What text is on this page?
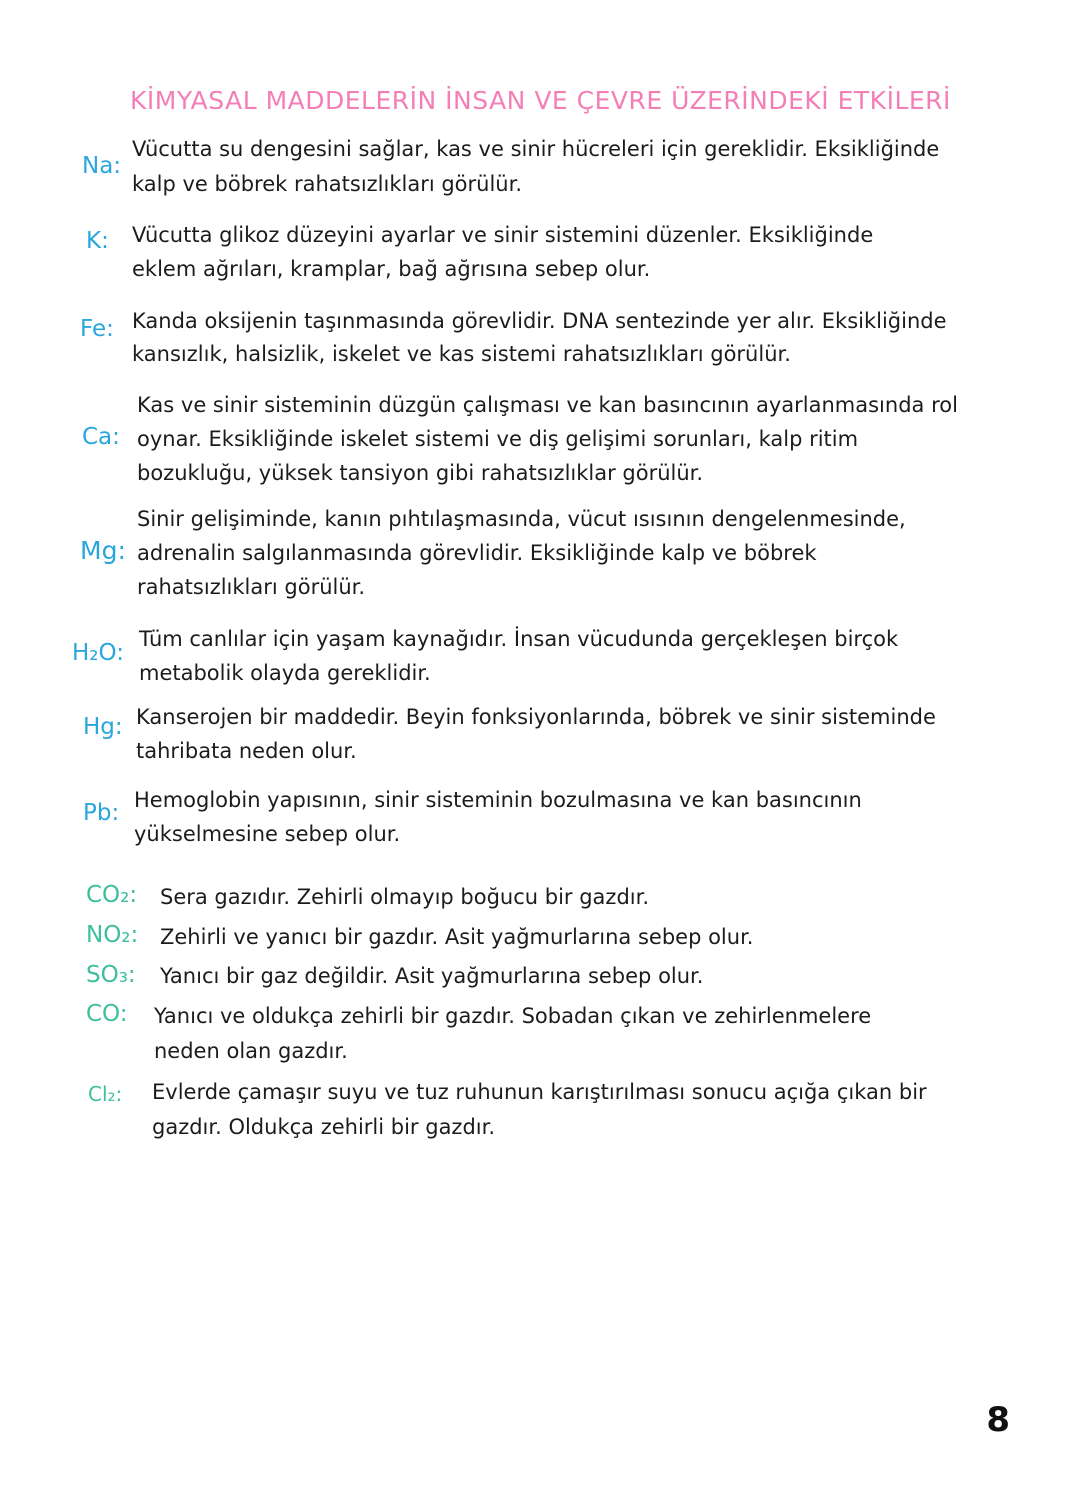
KİMYASAL MADDELERİN İNSAN VE ÇEVRE ÜZERİNDEKİ ETKİLERİ
Na:
Vücutta su dengesini sağlar, kas ve sinir hücreleri için gereklidir. Eksikliğinde
kalp ve böbrek rahatsızlıkları görülür.
K: Vücutta glikoz düzeyini ayarlar ve sinir sistemini düzenler. Eksikliğinde
eklem ağrıları, kramplar, bağ ağrısına sebep olur.
Fe: Kanda oksijenin taşınmasında görevlidir. DNA sentezinde yer alır. Eksikliğinde
kansızlık, halsizlik, iskelet ve kas sistemi rahatsızlıkları görülür.
Ca:
Kas ve sinir sisteminin düzgün çalışması ve kan basıncının ayarlanmasında rol
oynar. Eksikliğinde iskelet sistemi ve diş gelişimi sorunları, kalp ritim
bozukluğu, yüksek tansiyon gibi rahatsızlıklar görülür.
Mg:
Sinir gelişiminde, kanın pıhtılaşmasında, vücut ısısının dengelenmesinde,
adrenalin salgılanmasında görevlidir. Eksikliğinde kalp ve böbrek
rahatsızlıkları görülür.
H₂O:
Tüm canlılar için yaşam kaynağıdır. İnsan vücudunda gerçekleşen birçok
metabolik olayda gereklidir.
Hg: Kanserojen bir maddedir. Beyin fonksiyonlarında, böbrek ve sinir sisteminde
tahribata neden olur.
Pb: Hemoglobin yapısının, sinir sisteminin bozulmasına ve kan basıncının
yükselmesine sebep olur.
CO₂: Sera gazıdır. Zehirli olmayıp boğucu bir gazdır.
NO₂: Zehirli ve yanıcı bir gazdır. Asit yağmurlarına sebep olur.
SO₃: Yanıcı bir gaz değildir. Asit yağmurlarına sebep olur.
CO: Yanıcı ve oldukça zehirli bir gazdır. Sobadan çıkan ve zehirlenmelere
neden olan gazdır.
Cl₂: Evlerde çamaşır suyu ve tuz ruhunun karıştırılması sonucu açığa çıkan bir
gazdır. Oldukça zehirli bir gazdır.
8
